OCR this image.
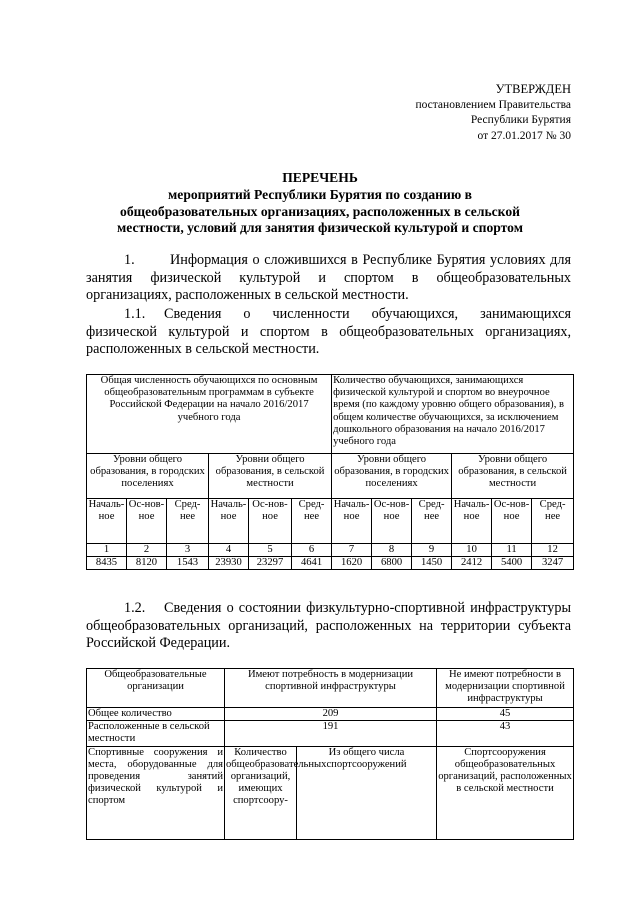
УТВЕРЖДЕН
постановлением Правительства
Республики Бурятия
от 27.01.2017 № 30
ПЕРЕЧЕНЬ
мероприятий Республики Бурятия по созданию в
общеобразовательных организациях, расположенных в сельской
местности, условий для занятия физической культурой и спортом
1. Информация о сложившихся в Республике Бурятия условиях для занятия физической культурой и спортом в общеобразовательных организациях, расположенных в сельской местности.
1.1. Сведения о численности обучающихся, занимающихся физической культурой и спортом в общеобразовательных организациях, расположенных в сельской местности.
Общая численность обучающихся по основным общеобразовательным программам в субъекте Российской Федерации на начало 2016/2017 учебного года						Количество обучающихся, занимающихся физической культурой и спортом во внеурочное время (по каждому уровню общего образования), в общем количестве обучающихся, за исключением дошкольного образования на начало 2016/2017 учебного года					
Уровни общего образования, в городских поселениях			Уровни общего образования, в сельской местности			Уровни общего образования, в городских поселениях			Уровни общего образования, в сельской местности		
Началь-ное	Ос-нов-ное	Сред-нее	Началь-ное	Ос-нов-ное	Сред-нее	Началь-ное	Ос-нов-ное	Сред-нее	Началь-ное	Ос-нов-ное	Сред-нее
1	2	3	4	5	6	7	8	9	10	11	12
8435	8120	1543	23930	23297	4641	1620	6800	1450	2412	5400	3247
1.2. Сведения о состоянии физкультурно-спортивной инфраструктуры общеобразовательных организаций, расположенных на территории субъекта Российской Федерации.
Общеобразовательные организации	Имеют потребность в модернизации спортивной инфраструктуры		Не имеют потребности в модернизации спортивной инфраструктуры
Общее количество	209		45
Расположенные в сельской местности	191		43
Спортивные сооружения и места, оборудованные для проведения занятий физической культурой и спортом	Количество общеобразовательных организаций, имеющих спортсоору-	Из общего числа спортсооружений	Спортсооружения общеобразовательных организаций, расположенных в сельской местности
